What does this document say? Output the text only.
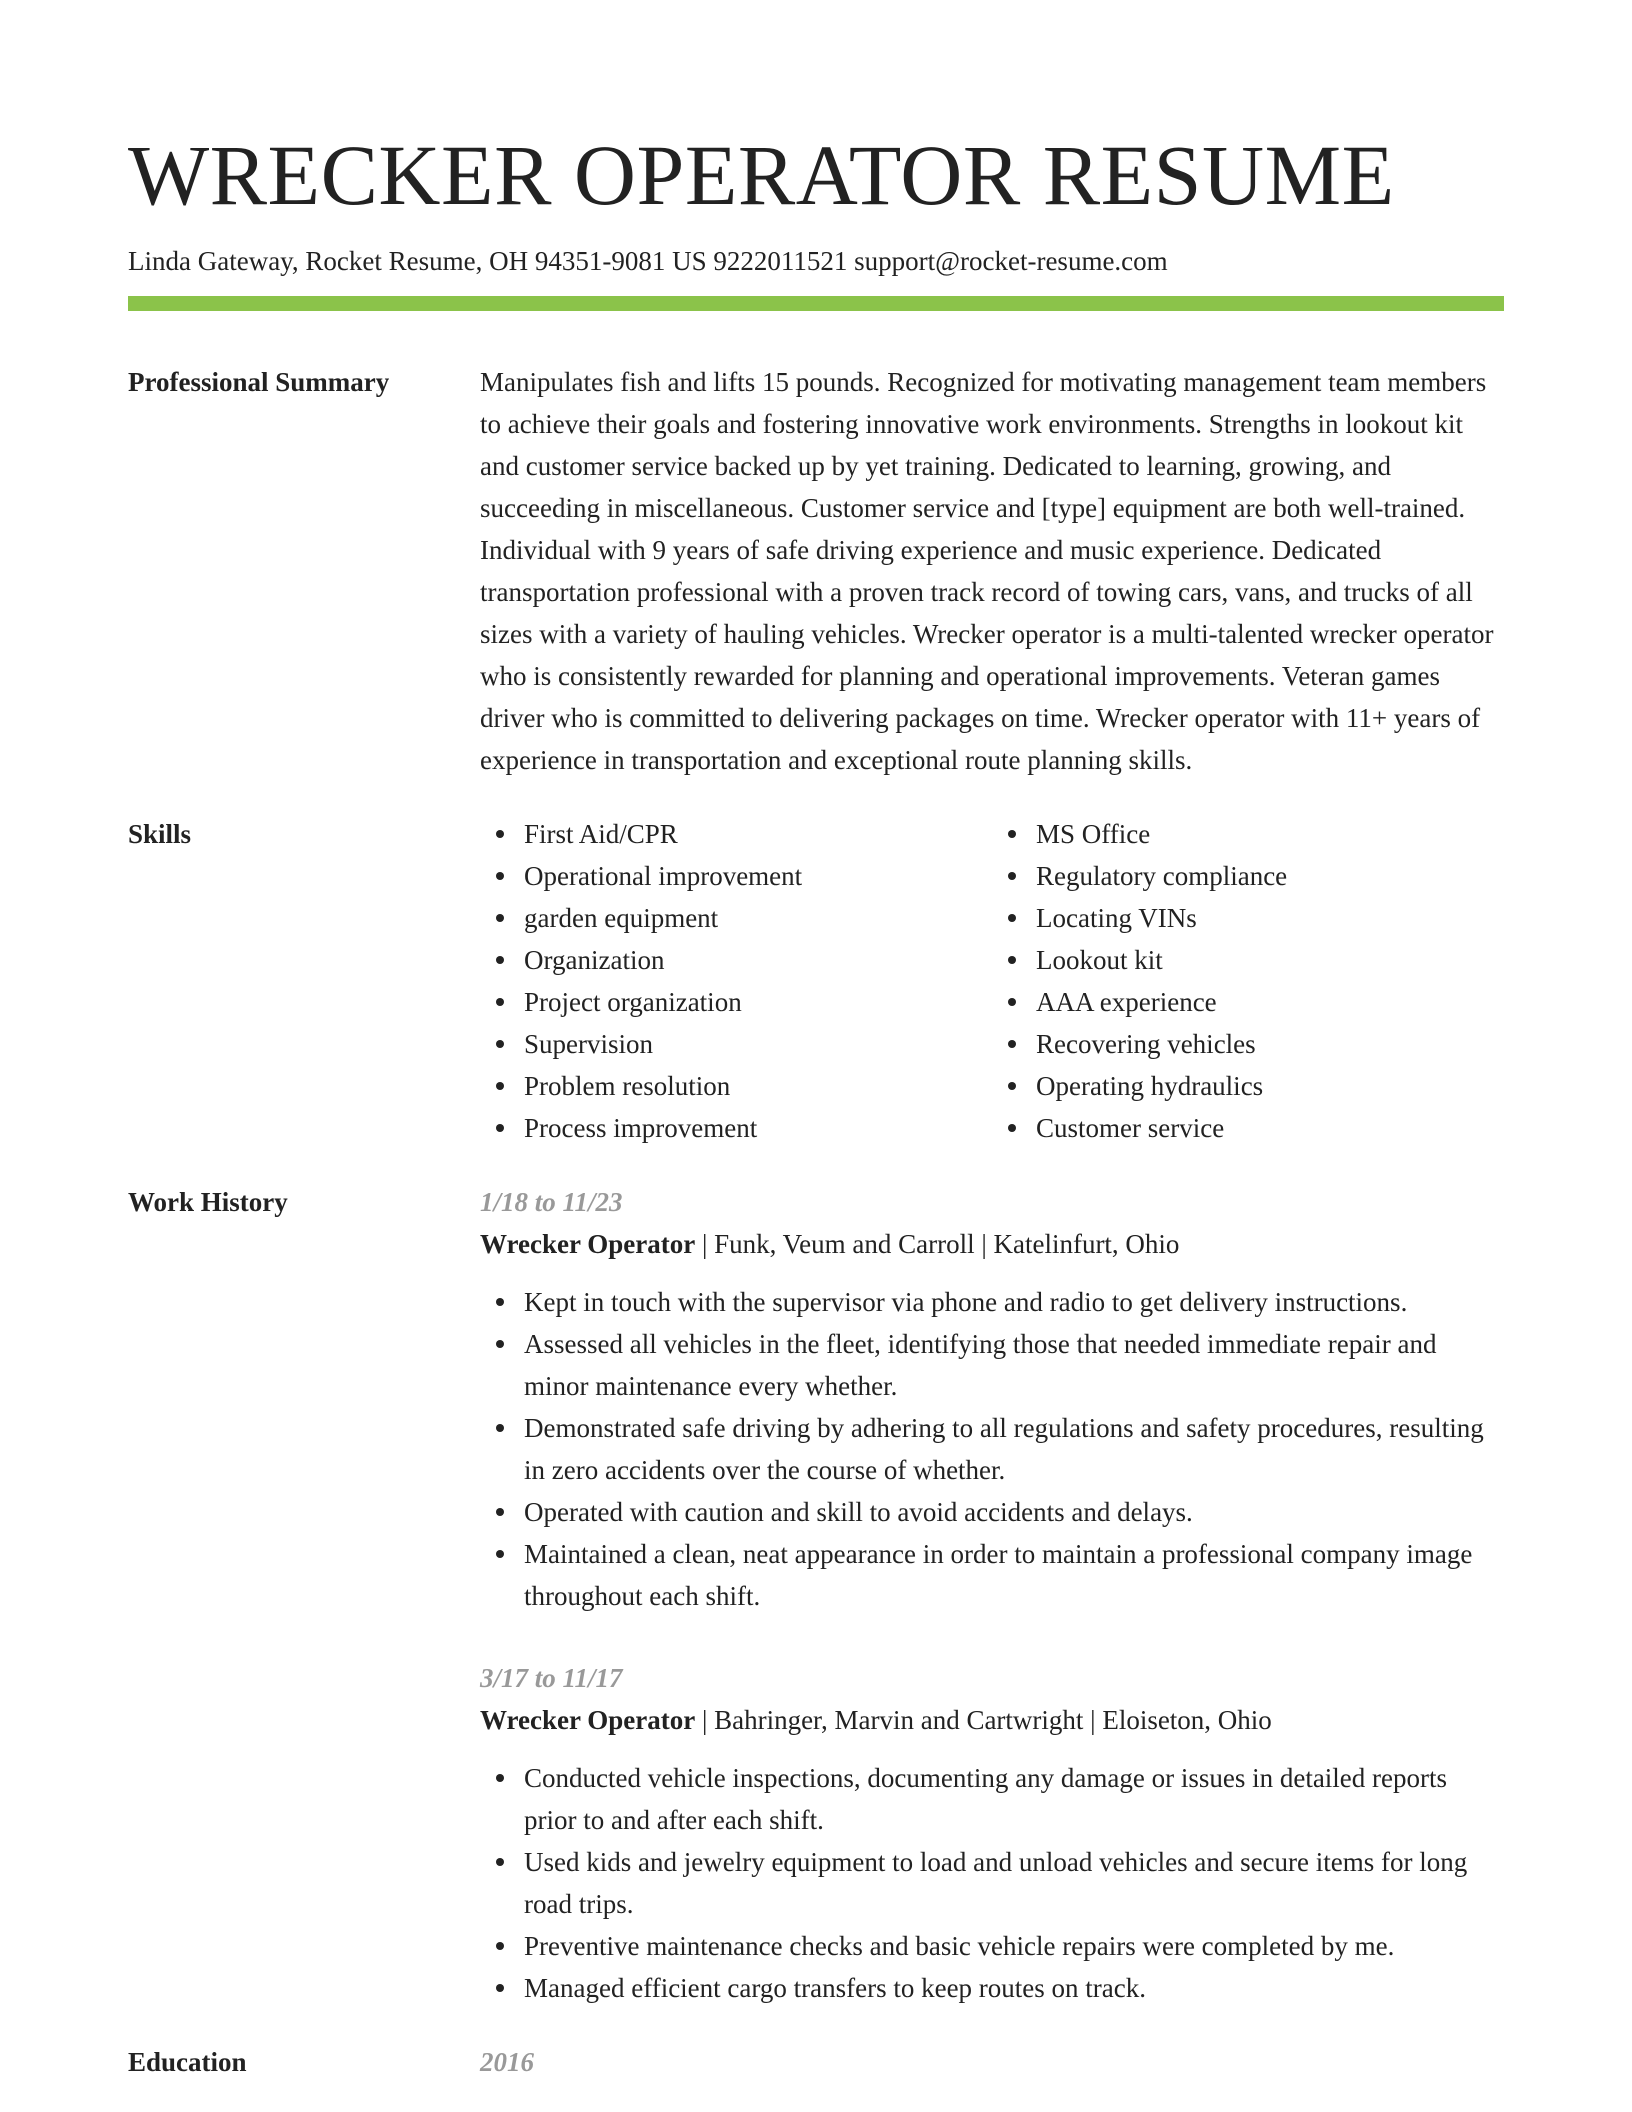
WRECKER OPERATOR RESUME
Linda Gateway, Rocket Resume, OH 94351-9081 US 9222011521 support@rocket-resume.com
Professional Summary	Manipulates fish and lifts 15 pounds. Recognized for motivating management team members to achieve their goals and fostering innovative work environments. Strengths in lookout kit and customer service backed up by yet training. Dedicated to learning, growing, and succeeding in miscellaneous. Customer service and [type] equipment are both well-trained. Individual with 9 years of safe driving experience and music experience. Dedicated transportation professional with a proven track record of towing cars, vans, and trucks of all sizes with a variety of hauling vehicles. Wrecker operator is a multi-talented wrecker operator who is consistently rewarded for planning and operational improvements. Veteran games driver who is committed to delivering packages on time. Wrecker operator with 11+ years of experience in transportation and exceptional route planning skills.

Skills	First Aid/CPR
Operational improvement
garden equipment
Organization
Project organization
Supervision
Problem resolution
Process improvement
MS Office
Regulatory compliance
Locating VINs
Lookout kit
AAA experience
Recovering vehicles
Operating hydraulics
Customer service
Work History	1/18 to 11/23
Wrecker Operator | Funk, Veum and Carroll | Katelinfurt, Ohio
Kept in touch with the supervisor via phone and radio to get delivery instructions.
Assessed all vehicles in the fleet, identifying those that needed immediate repair and minor maintenance every whether.
Demonstrated safe driving by adhering to all regulations and safety procedures, resulting in zero accidents over the course of whether.
Operated with caution and skill to avoid accidents and delays.
Maintained a clean, neat appearance in order to maintain a professional company image throughout each shift.
3/17 to 11/17
Wrecker Operator | Bahringer, Marvin and Cartwright | Eloiseton, Ohio
Conducted vehicle inspections, documenting any damage or issues in detailed reports prior to and after each shift.
Used kids and jewelry equipment to load and unload vehicles and secure items for long road trips.
Preventive maintenance checks and basic vehicle repairs were completed by me.
Managed efficient cargo transfers to keep routes on track.
Education	2016
